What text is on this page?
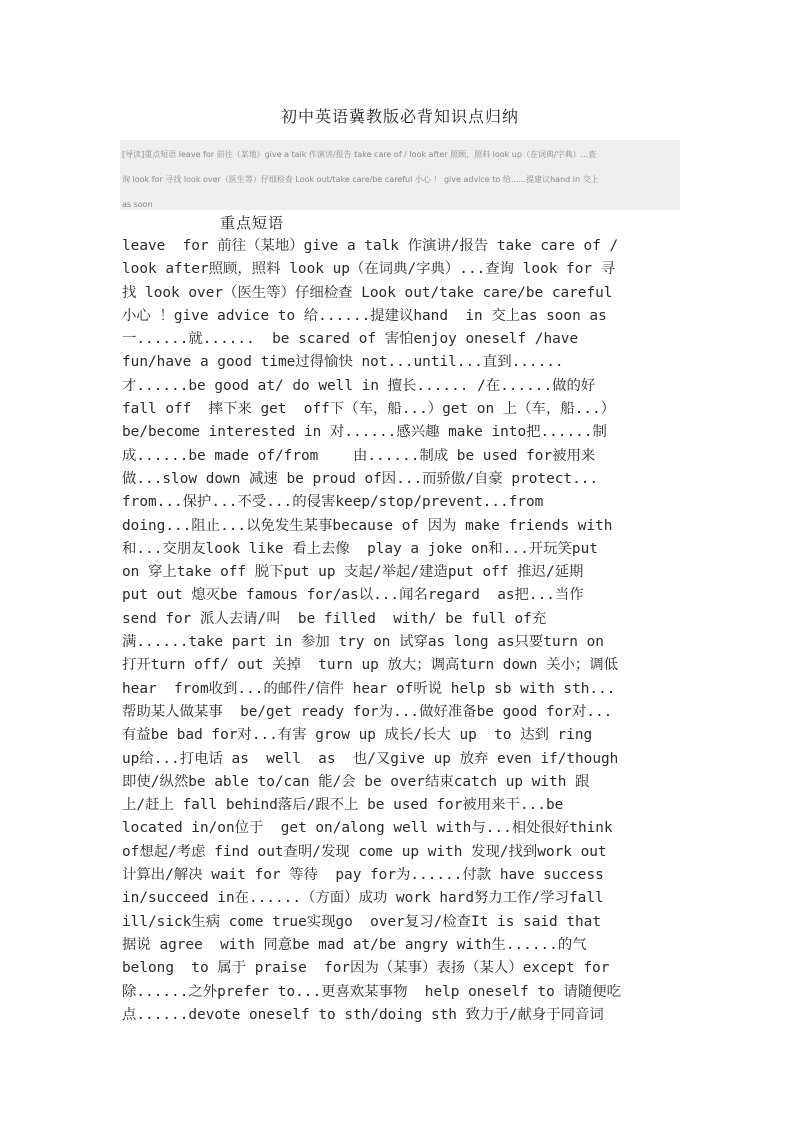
初中英语冀教版必背知识点归纳
[导读]重点短语 leave for 前往（某地）give a talk 作演讲/报告 take care of / look after 照顾，照料 look up（在词典/字典）...查
询 look for 寻找 look over（医生等）仔细检查 Look out/take care/be careful 小心 ！ give advice to 给......提建议hand in 交上
as soon
重点短语
leave  for 前往（某地）give a talk 作演讲/报告 take care of /
look after照顾，照料 look up（在词典/字典）...查询 look for 寻
找 look over（医生等）仔细检查 Look out/take care/be careful
小心 ！give advice to 给......提建议hand  in 交上as soon as
一......就......  be scared of 害怕enjoy oneself /have
fun/have a good time过得愉快 not...until...直到......
才......be good at/ do well in 擅长...... /在......做的好
fall off  摔下来 get  off下（车，船...）get on 上（车，船...）
be/become interested in 对......感兴趣 make into把......制
成......be made of/from    由......制成 be used for被用来
做...slow down 减速 be proud of因...而骄傲/自豪 protect...
from...保护...不受...的侵害keep/stop/prevent...from
doing...阻止...以免发生某事because of 因为 make friends with
和...交朋友look like 看上去像  play a joke on和...开玩笑put
on 穿上take off 脱下put up 支起/举起/建造put off 推迟/延期
put out 熄灭be famous for/as以...闻名regard  as把...当作
send for 派人去请/叫  be filled  with/ be full of充
满......take part in 参加 try on 试穿as long as只要turn on
打开turn off/ out 关掉  turn up 放大；调高turn down 关小；调低
hear  from收到...的邮件/信件 hear of听说 help sb with sth...
帮助某人做某事  be/get ready for为...做好准备be good for对...
有益be bad for对...有害 grow up 成长/长大 up  to 达到 ring
up给...打电话 as  well  as  也/又give up 放弃 even if/though
即使/纵然be able to/can 能/会 be over结束catch up with 跟
上/赶上 fall behind落后/跟不上 be used for被用来干...be
located in/on位于  get on/along well with与...相处很好think
of想起/考虑 find out查明/发现 come up with 发现/找到work out
计算出/解决 wait for 等待  pay for为......付款 have success
in/succeed in在......（方面）成功 work hard努力工作/学习fall
ill/sick生病 come true实现go  over复习/检查It is said that
据说 agree  with 同意be mad at/be angry with生......的气
belong  to 属于 praise  for因为（某事）表扬（某人）except for
除......之外prefer to...更喜欢某事物  help oneself to 请随便吃
点......devote oneself to sth/doing sth 致力于/献身于同音词
